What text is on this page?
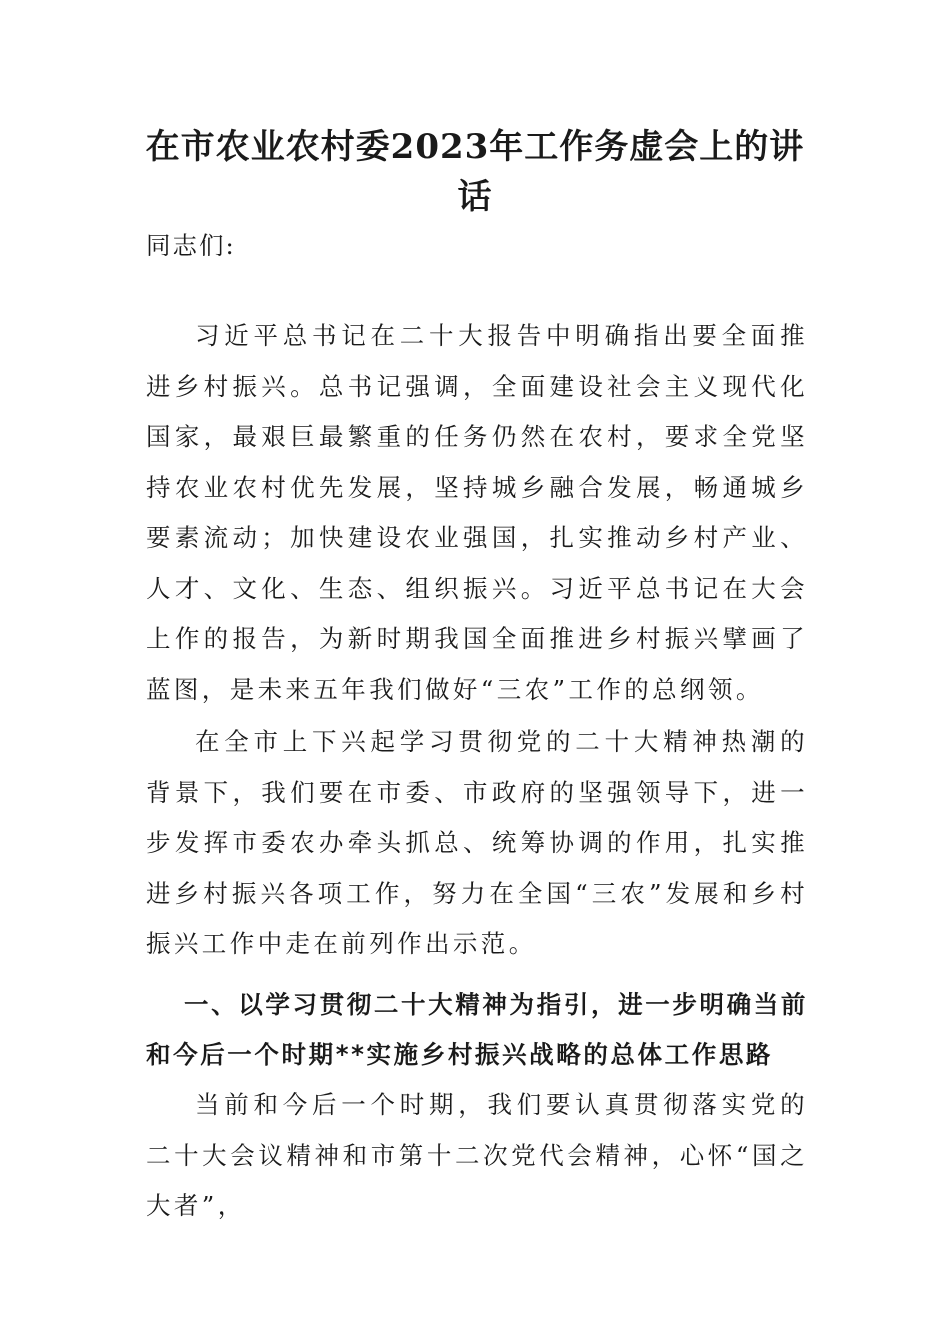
在市农业农村委2023年工作务虚会上的讲话
同志们:
习近平总书记在二十大报告中明确指出要全面推进乡村振兴。总书记强调，全面建设社会主义现代化国家，最艰巨最繁重的任务仍然在农村，要求全党坚持农业农村优先发展，坚持城乡融合发展，畅通城乡要素流动；加快建设农业强国，扎实推动乡村产业、人才、文化、生态、组织振兴。习近平总书记在大会上作的报告，为新时期我国全面推进乡村振兴擘画了蓝图，是未来五年我们做好“三农”工作的总纲领。
在全市上下兴起学习贯彻党的二十大精神热潮的背景下，我们要在市委、市政府的坚强领导下，进一步发挥市委农办牵头抓总、统筹协调的作用，扎实推进乡村振兴各项工作，努力在全国“三农”发展和乡村振兴工作中走在前列作出示范。
一、以学习贯彻二十大精神为指引，进一步明确当前和今后一个时期**实施乡村振兴战略的总体工作思路
当前和今后一个时期，我们要认真贯彻落实党的二十大会议精神和市第十二次党代会精神，心怀“国之大者”，
